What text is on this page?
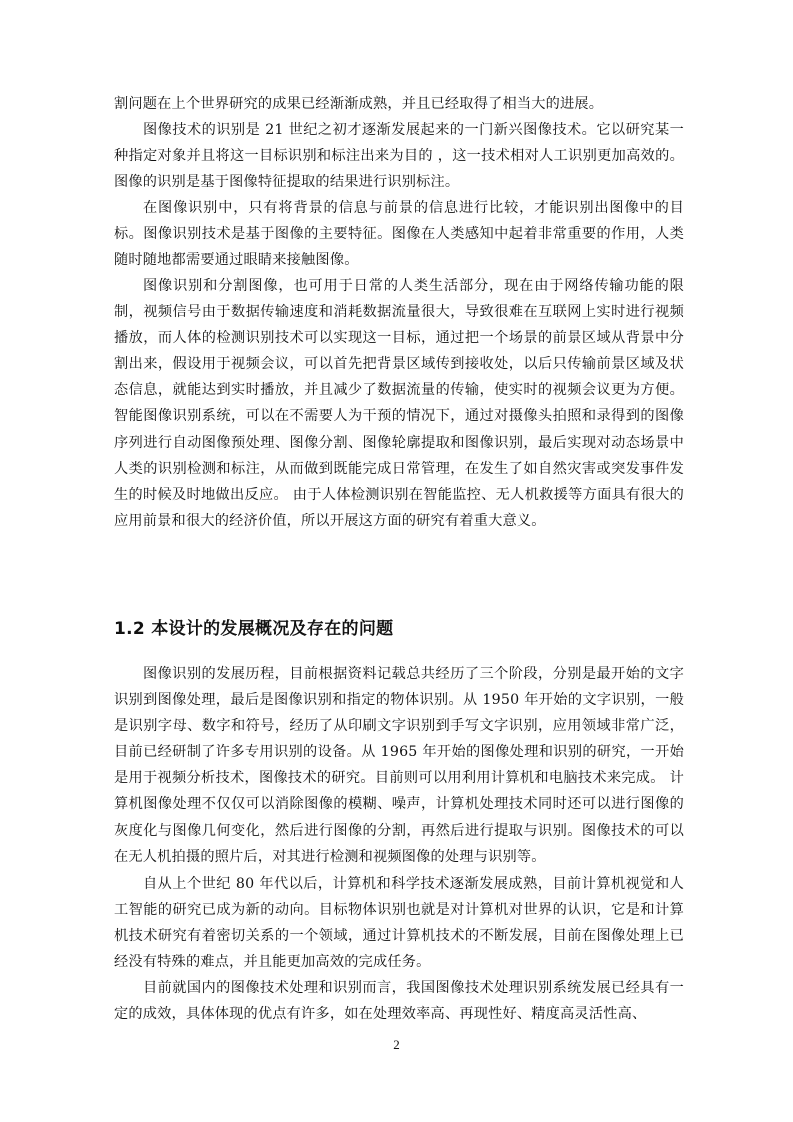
割问题在上个世界研究的成果已经渐渐成熟，并且已经取得了相当大的进展。

图像技术的识别是 21 世纪之初才逐渐发展起来的一门新兴图像技术。它以研究某一种指定对象并且将这一目标识别和标注出来为目的 ，这一技术相对人工识别更加高效的。图像的识别是基于图像特征提取的结果进行识别标注。

在图像识别中，只有将背景的信息与前景的信息进行比较，才能识别出图像中的目标。图像识别技术是基于图像的主要特征。图像在人类感知中起着非常重要的作用，人类随时随地都需要通过眼睛来接触图像。

图像识别和分割图像，也可用于日常的人类生活部分，现在由于网络传输功能的限制，视频信号由于数据传输速度和消耗数据流量很大，导致很难在互联网上实时进行视频播放，而人体的检测识别技术可以实现这一目标，通过把一个场景的前景区域从背景中分割出来，假设用于视频会议，可以首先把背景区域传到接收处，以后只传输前景区域及状态信息，就能达到实时播放，并且减少了数据流量的传输，使实时的视频会议更为方便。智能图像识别系统，可以在不需要人为干预的情况下，通过对摄像头拍照和录得到的图像序列进行自动图像预处理、图像分割、图像轮廓提取和图像识别，最后实现对动态场景中人类的识别检测和标注，从而做到既能完成日常管理，在发生了如自然灾害或突发事件发生的时候及时地做出反应。 由于人体检测识别在智能监控、无人机救援等方面具有很大的应用前景和很大的经济价值，所以开展这方面的研究有着重大意义。

1.2 本设计的发展概况及存在的问题

图像识别的发展历程，目前根据资料记载总共经历了三个阶段，分别是最开始的文字识别到图像处理，最后是图像识别和指定的物体识别。从 1950 年开始的文字识别，一般是识别字母、数字和符号，经历了从印刷文字识别到手写文字识别，应用领域非常广泛，目前已经研制了许多专用识别的设备。从 1965 年开始的图像处理和识别的研究，一开始是用于视频分析技术，图像技术的研究。目前则可以用利用计算机和电脑技术来完成。 计算机图像处理不仅仅可以消除图像的模糊、噪声，计算机处理技术同时还可以进行图像的灰度化与图像几何变化，然后进行图像的分割，再然后进行提取与识别。图像技术的可以在无人机拍摄的照片后，对其进行检测和视频图像的处理与识别等。

自从上个世纪 80 年代以后，计算机和科学技术逐渐发展成熟，目前计算机视觉和人工智能的研究已成为新的动向。目标物体识别也就是对计算机对世界的认识，它是和计算机技术研究有着密切关系的一个领域，通过计算机技术的不断发展，目前在图像处理上已经没有特殊的难点，并且能更加高效的完成任务。

目前就国内的图像技术处理和识别而言，我国图像技术处理识别系统发展已经具有一定的成效，具体体现的优点有许多，如在处理效率高、再现性好、精度高灵活性高、

2
